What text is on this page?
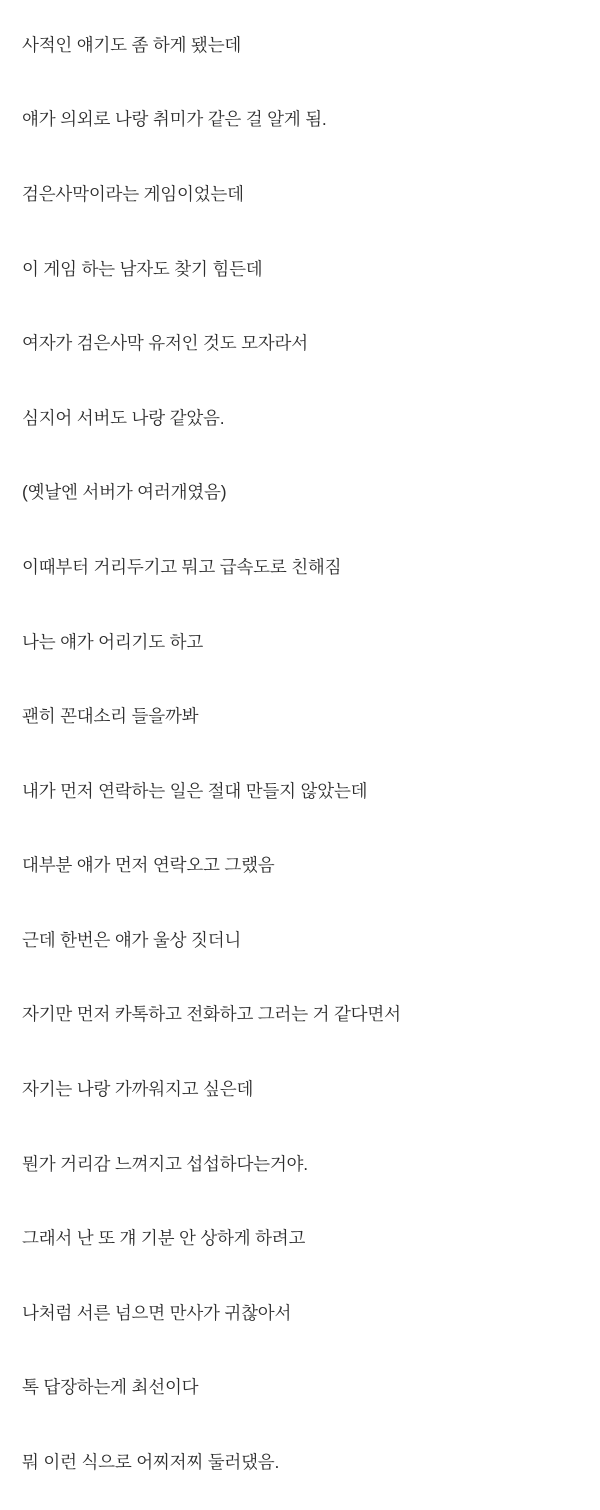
사적인 얘기도 좀 하게 됐는데

얘가 의외로 나랑 취미가 같은 걸 알게 됨.

검은사막이라는 게임이었는데

이 게임 하는 남자도 찾기 힘든데

여자가 검은사막 유저인 것도 모자라서

심지어 서버도 나랑 같았음.

(옛날엔 서버가 여러개였음)

이때부터 거리두기고 뭐고 급속도로 친해짐

나는 얘가 어리기도 하고

괜히 꼰대소리 들을까봐

내가 먼저 연락하는 일은 절대 만들지 않았는데

대부분 얘가 먼저 연락오고 그랬음

근데 한번은 얘가 울상 짓더니

자기만 먼저 카톡하고 전화하고 그러는 거 같다면서

자기는 나랑 가까워지고 싶은데

뭔가 거리감 느껴지고 섭섭하다는거야.

그래서 난 또 걔 기분 안 상하게 하려고

나처럼 서른 넘으면 만사가 귀찮아서

톡 답장하는게 최선이다

뭐 이런 식으로 어찌저찌 둘러댔음.
